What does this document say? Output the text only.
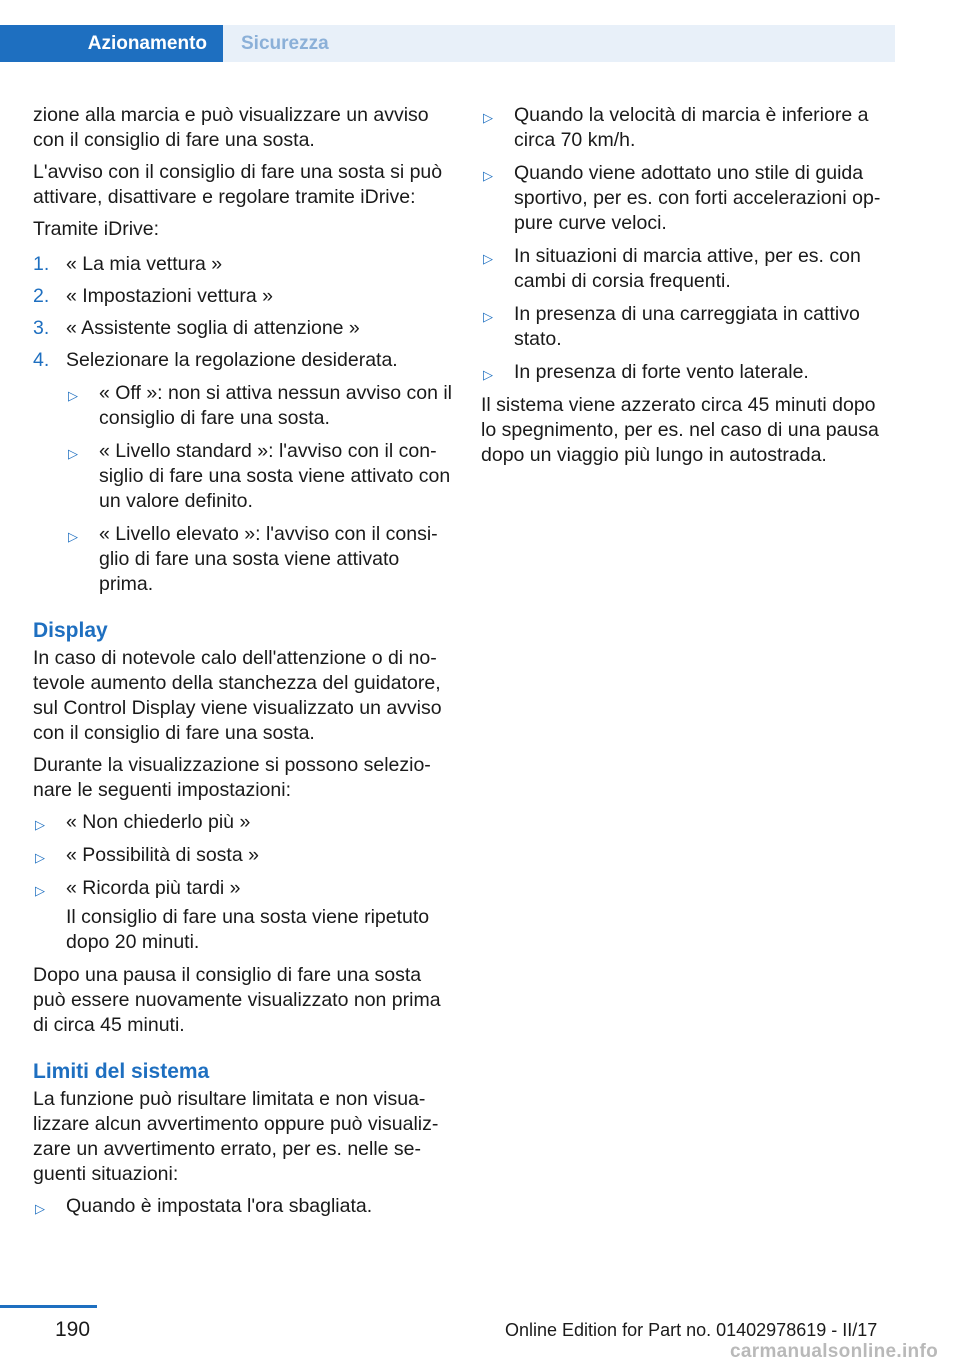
Azionamento	Sicurezza

zione alla marcia e può visualizzare un avviso con il consiglio di fare una sosta.

L'avviso con il consiglio di fare una sosta si può attivare, disattivare e regolare tramite iDrive:

Tramite iDrive:

1. « La mia vettura »
2. « Impostazioni vettura »
3. « Assistente soglia di attenzione »
4. Selezionare la regolazione desiderata.
▷ « Off »: non si attiva nessun avviso con il consiglio di fare una sosta.
▷ « Livello standard »: l'avviso con il consiglio di fare una sosta viene attivato con un valore definito.
▷ « Livello elevato »: l'avviso con il consiglio di fare una sosta viene attivato prima.
Display

In caso di notevole calo dell'attenzione o di notevole aumento della stanchezza del guidatore, sul Control Display viene visualizzato un avviso con il consiglio di fare una sosta.

Durante la visualizzazione si possono selezionare le seguenti impostazioni:

▷ « Non chiederlo più »
▷ « Possibilità di sosta »
▷ « Ricorda più tardi »
Il consiglio di fare una sosta viene ripetuto dopo 20 minuti.

Dopo una pausa il consiglio di fare una sosta può essere nuovamente visualizzato non prima di circa 45 minuti.

Limiti del sistema

La funzione può risultare limitata e non visualizzare alcun avvertimento oppure può visualizzare un avvertimento errato, per es. nelle seguenti situazioni:

▷ Quando è impostata l'ora sbagliata.
▷ Quando la velocità di marcia è inferiore a circa 70 km/h.
▷ Quando viene adottato uno stile di guida sportivo, per es. con forti accelerazioni oppure curve veloci.
▷ In situazioni di marcia attive, per es. con cambi di corsia frequenti.
▷ In presenza di una carreggiata in cattivo stato.
▷ In presenza di forte vento laterale.

Il sistema viene azzerato circa 45 minuti dopo lo spegnimento, per es. nel caso di una pausa dopo un viaggio più lungo in autostrada.

190	Online Edition for Part no. 01402978619 - II/17
carmanualsonline.info
